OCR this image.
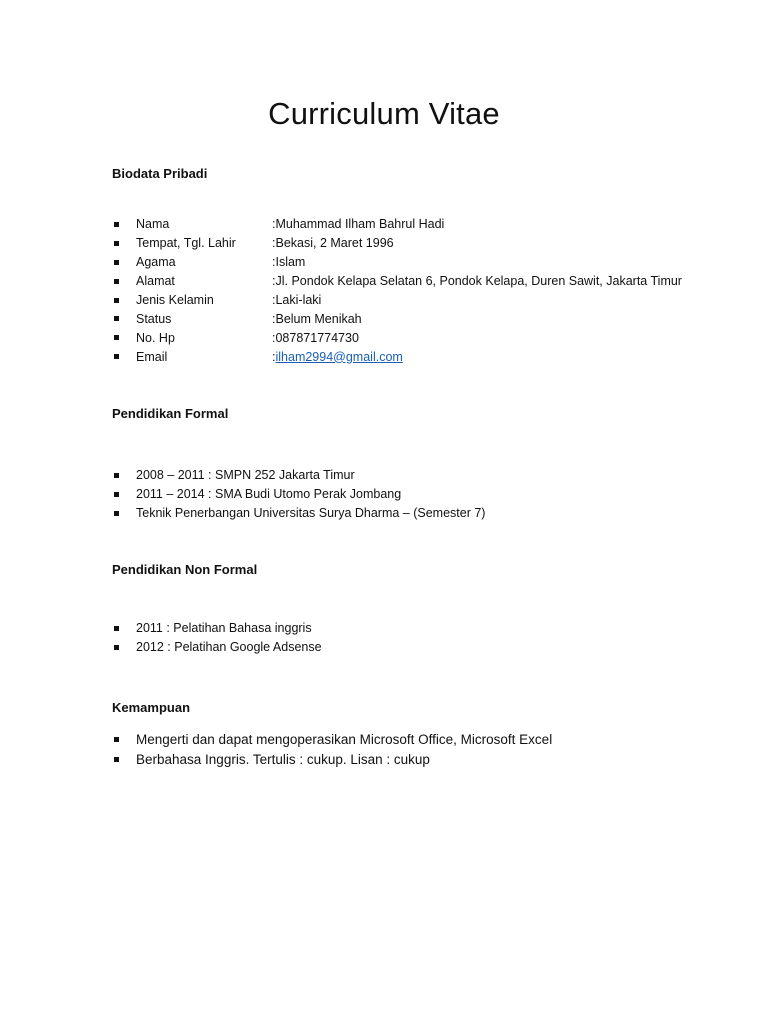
Curriculum Vitae
Biodata Pribadi
Nama	: Muhammad Ilham Bahrul Hadi
Tempat, Tgl. Lahir	: Bekasi, 2 Maret 1996
Agama	: Islam
Alamat	: Jl. Pondok Kelapa Selatan 6, Pondok Kelapa, Duren Sawit, Jakarta Timur
Jenis Kelamin	: Laki-laki
Status	: Belum Menikah
No. Hp	: 087871774730
Email	: ilham2994@gmail.com
Pendidikan Formal
2008 – 2011 : SMPN 252 Jakarta Timur
2011 – 2014 : SMA Budi Utomo Perak Jombang
Teknik Penerbangan Universitas Surya Dharma – (Semester 7)
Pendidikan Non Formal
2011 : Pelatihan Bahasa inggris
2012 : Pelatihan Google Adsense
Kemampuan
Mengerti dan dapat mengoperasikan Microsoft Office, Microsoft Excel
Berbahasa Inggris. Tertulis : cukup. Lisan : cukup
